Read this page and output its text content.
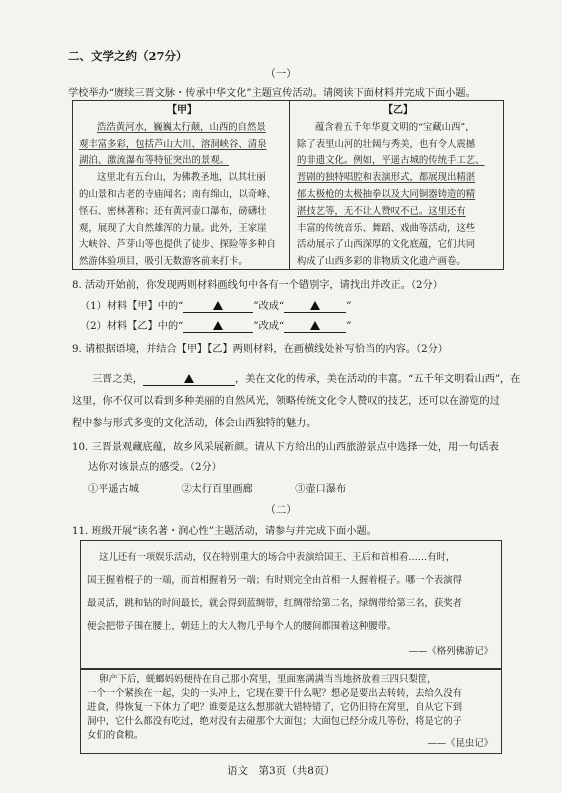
二、文学之约（27分）
（一）
学校举办“赓续三晋文脉・传承中华文化”主题宣传活动。请阅读下面材料并完成下面小题。
【甲】
浩浩黄河水，巍巍太行颠，山西的自然景
观丰富多彩，包括芦山大川、溶洞峡谷、清泉
湖泊、激流瀑布等特征突出的景观。
这里北有五台山，为佛教圣地，以其壮丽
的山景和古老的寺庙闻名；南有绵山，以奇峰、
怪石、密林著称；还有黄河壶口瀑布，磅礴壮
观，展现了大自然雄浑的力量。此外，王家崖
大峡谷、芦芽山等也提供了徒步、探险等多种自
然游体验项目，吸引无数游客前来打卡。
【乙】
蕴含着五千年华夏文明的“宝藏山西”，
除了表里山河的壮阔与秀美，也有令人震撼
的非遗文化。例如，平遥古城的传统手工艺、
晋剧的独特唱腔和表演形式，都展现出精湛
郁太极枪的太极抽拳以及大同铜器铸造的精
湛技艺等，无不让人赞叹不已。这里还有
丰富的传统音乐、舞蹈、戏曲等活动，这些
活动展示了山西深厚的文化底蕴，它们共同
构成了山西多彩的非物质文化遗产画卷。
8. 活动开始前，你发现两则材料画线句中各有一个错别字，请找出并改正。（2分）
（1）材料【甲】中的“	”改成“	”
（2）材料【乙】中的“	”改成“	”
9. 请根据语境，并结合【甲】【乙】两则材料，在画横线处补写恰当的内容。（2分）
三晋之美，	，美在文化的传承，美在活动的丰富。“五千年文明看山西”，在
这里，你不仅可以看到多种美丽的自然风光，领略传统文化令人赞叹的技艺，还可以在游览的过
程中参与形式多变的文化活动，体会山西独特的魅力。
10. 三晋景观藏底蕴，故乡风采展新颜。请从下方给出的山西旅游景点中选择一处，用一句话表
达你对该景点的感受。（2分）
①平遥古城	②太行百里画廊	③壶口瀑布
（二）
11. 班级开展“读名著・润心性”主题活动，请参与并完成下面小题。
这儿还有一项娱乐活动，仅在特别重大的场合中表演给国王、王后和首相看……有时，
国王握着棍子的一端，而首相握着另一端；有时则完全由首相一人握着棍子。哪一个表演得
最灵活，跳和钻的时间最长，就会得到蓝绸带，红绸带给第二名，绿绸带给第三名，获奖者
便会把带子围在腰上，朝廷上的大人物几乎每个人的腰间都围着这种腰带。
——《格列佛游记》
卵产下后，蜣螂妈妈便待在自己那小窝里，里面塞满满当当地挤放着三四只梨筐，
一个一个紧挨在一起，尖的一头冲上，它现在要干什么呢？想必是要出去转转，去给久没有
进食，得恢复一下体力了吧？谁要是这么想那就大错特错了，它仍旧待在窝里，自从它下到
洞中，它什么都没有吃过，绝对没有去碰那个大面包；大面包已经分成几等份，将是它的子
女们的食粮。
——《昆虫记》
语文　第3页（共8页）
